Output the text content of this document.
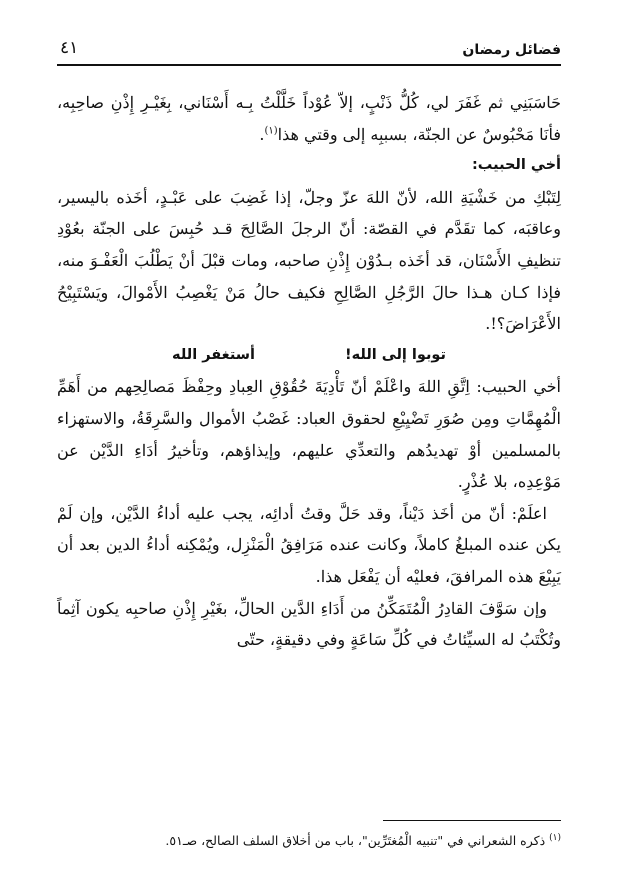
فضائل رمضان
٤١

حَاسَبَنِي ثم غَفَرَ لي، كُلُّ ذَنْبٍ، إلاّ عُوْداً خَلَّلْتُ بِـه أَسْنَاني، بِغَيْـرِ إِذْنِ صاحِبِه، فأنَا مَحْبُوسٌ عن الجنّة، بسببِه إلى وقتي هذا$^{(١)}$.

أخي الحبيب:

لِتَبْكِ من خَشْيَةِ الله، لأنّ اللهَ عزّ وجلّ، إذا غَضِبَ على عَبْـدٍ، أخَذه باليسير، وعاقبَه، كما تقَدَّم في القصّة: أنّ الرجلَ الصَّالِحَ قـد حُبِسَ على الجنّة بعُوْدِ تنظيفِ الأَسْنَان، قد أخَذه بـدُوْن إِذْنِ صاحبه، ومات قبْلَ أنْ يَطْلُبَ الْعَفْـوَ منه، فإذا كـان هـذا حالَ الرَّجُلِ الصَّالِحِ فكيف حالُ مَنْ يَغْصِبُ الأَمْوالَ، ويَسْتَبِيْحُ الأَعْرَاضَ؟!.

توبوا إلى الله!
أستغفر الله

أخي الحبيب: اِتَّقِ اللهَ واعْلَمْ أنّ تَأْدِيَةَ حُقُوْقِ العِبادِ وحِفْظَ مَصالِحِهم من أَهَمِّ الْمُهِمَّاتِ ومِن صُوَرِ تَضْيِيْعِ لحقوق العباد: غَصْبُ الأموال والسَّرِقَةُ، والاستهزاء بالمسلمين أوْ تهديدُهم والتعدِّي عليهم، وإيذاؤهم، وتأخيرُ أدَاءِ الدَّيْن عن مَوْعِدِه، بلا عُذْرٍ.

اعلَمْ: أنّ من أخَذ دَيْناً، وقد حَلَّ وقتُ أدائِه، يجب عليه أداءُ الدَّيْن، وإن لَمْ يكن عنده المبلغُ كاملاً، وكانت عنده مَرَافِقُ الْمَنْزِل، ويُمْكِنه أداءُ الدين بعد أن يَبِيْعَ هذه المرافقَ، فعليْه أن يَفْعَل هذا.

وإن سَوَّفَ القادِرُ الْمُتَمَكِّنُ من أَدَاءِ الدَّين الحالِّ، بغَيْرِ إِذْنِ صاحبِه يكون آثِماً وتُكْتَبُ له السيِّئاتُ في كُلِّ سَاعَةٍ وفي دقيقةٍ، حتّى

$^{(١)}$ ذكره الشعراني في "تنبيه الْمُغتَرِّين"، باب من أخلاق السلف الصالح، صـ٥١.
